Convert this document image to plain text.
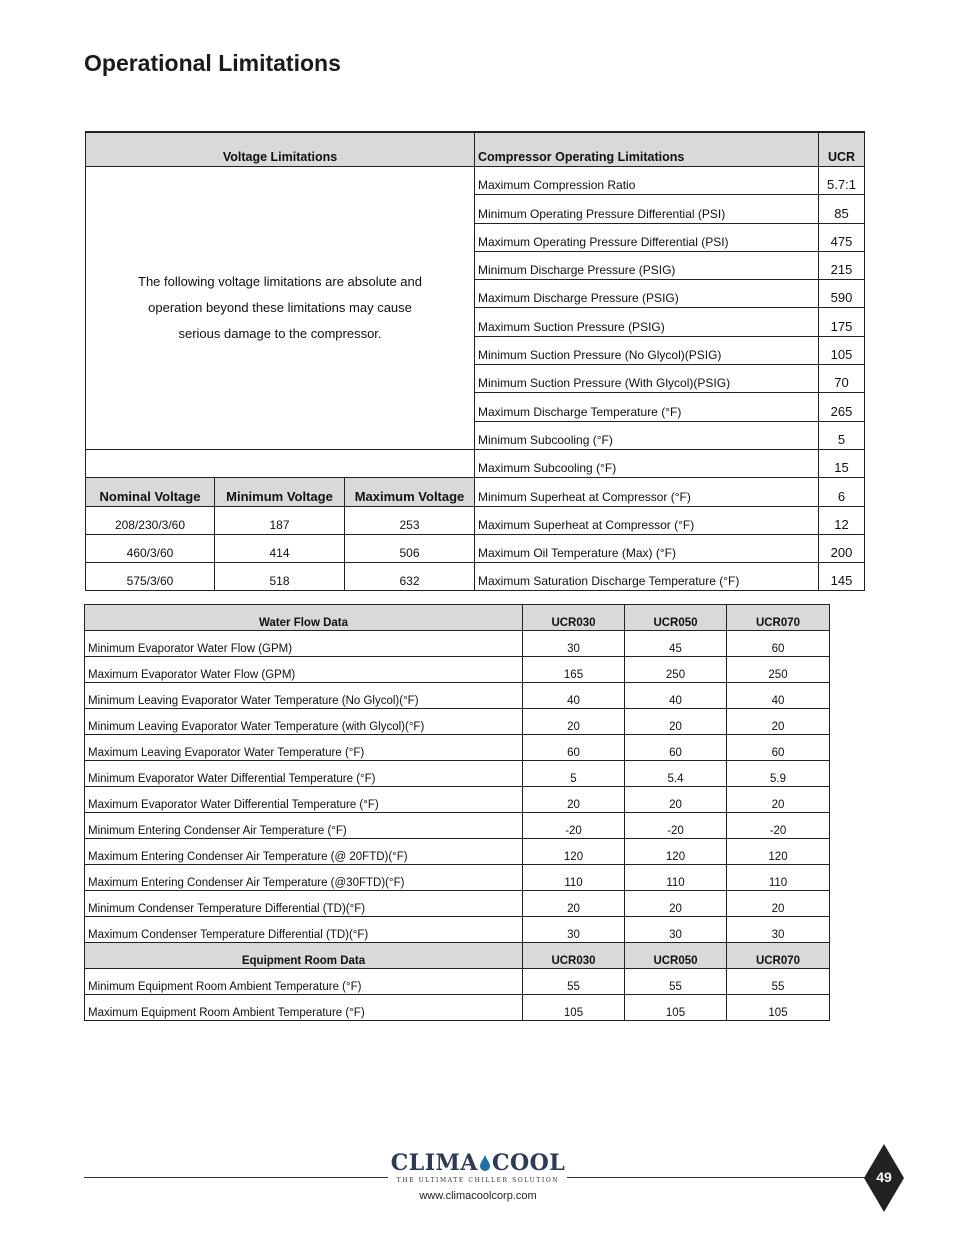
Operational Limitations
Voltage Limitations			Compressor Operating Limitations	UCR

The following voltage limitations are absolute and
operation beyond these limitations may cause
serious damage to the compressor.			Maximum Compression Ratio	5.7:1
			Minimum Operating Pressure Differential (PSI)	85
			Maximum Operating Pressure Differential (PSI)	475
			Minimum Discharge Pressure (PSIG)	215
			Maximum Discharge Pressure (PSIG)	590
			Maximum Suction Pressure (PSIG)	175
			Minimum Suction Pressure (No Glycol)(PSIG)	105
			Minimum Suction Pressure (With Glycol)(PSIG)	70
			Maximum Discharge Temperature (°F)	265
			Minimum Subcooling (°F)	5
			Maximum Subcooling (°F)	15
Nominal Voltage	Minimum Voltage	Maximum Voltage	Minimum Superheat at Compressor (°F)	6
208/230/3/60	187	253	Maximum Superheat at Compressor (°F)	12
460/3/60	414	506	Maximum Oil Temperature (Max) (°F)	200
575/3/60	518	632	Maximum Saturation Discharge Temperature (°F)	145
Water Flow Data	UCR030	UCR050	UCR070
Minimum Evaporator Water Flow (GPM)	30	45	60
Maximum Evaporator Water Flow (GPM)	165	250	250
Minimum Leaving Evaporator Water Temperature (No Glycol)(°F)	40	40	40
Minimum Leaving Evaporator Water Temperature (with Glycol)(°F)	20	20	20
Maximum Leaving Evaporator Water Temperature (°F)	60	60	60
Minimum Evaporator Water Differential Temperature (°F)	5	5.4	5.9
Maximum Evaporator Water Differential Temperature (°F)	20	20	20
Minimum Entering Condenser Air Temperature (°F)	-20	-20	-20
Maximum Entering Condenser Air Temperature (@ 20FTD)(°F)	120	120	120
Maximum Entering Condenser Air Temperature (@30FTD)(°F)	110	110	110
Minimum Condenser Temperature Differential (TD)(°F)	20	20	20
Maximum Condenser Temperature Differential (TD)(°F)	30	30	30
Equipment Room Data	UCR030	UCR050	UCR070
Minimum Equipment Room Ambient Temperature (°F)	55	55	55
Maximum Equipment Room Ambient Temperature (°F)	105	105	105
CLIMA COOL
THE ULTIMATE CHILLER SOLUTION
www.climacoolcorp.com
49
